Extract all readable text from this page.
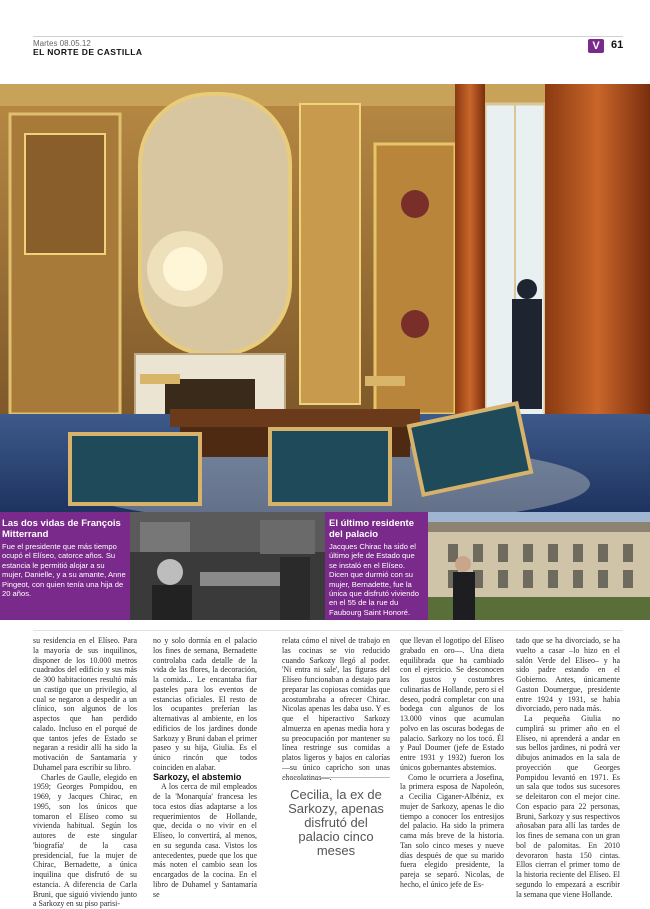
Martes 08.05.12
EL NORTE DE CASTILLA	V	61
Las dos vidas de François Mitterrand
Fue el presidente que más tiempo ocupó el Elíseo, catorce años. Su estancia le permitió alojar a su mujer, Danielle, y a su amante, Anne Pingeot, con quien tenía una hija de 20 años.
El último residente del palacio
Jacques Chirac ha sido el último jefe de Estado que se instaló en el Elíseo. Dicen que durmió con su mujer, Bernadette, fue la única que disfrutó viviendo en el 55 de la rue du Faubourg Saint Honoré.

su residencia en el Elíseo. Para la mayoría de sus inquilinos, disponer de los 10.000 metros cuadrados del edificio y sus más de 300 habitaciones resultó más un castigo que un privilegio, al cual se negaron a despedir a un clínico, son algunos de los aspectos que han perdido calado. Incluso en el porqué de que tantos jefes de Estado se negaran a residir allí ha sido la motivación de Santamaría y Duhamel para escribir su libro.

Charles de Gaulle, elegido en 1959; Georges Pompidou, en 1969, y Jacques Chirac, en 1995, son los únicos que tomaron el Elíseo como su vivienda habitual. Según los autores de este singular 'biografía' de la casa presidencial, fue la mujer de Chirac, Bernadette, a única inquilina que disfrutó de su estancia. A diferencia de Carla Bruni, que siguió viviendo junto a Sarkozy en su piso parisi-

no y solo dormía en el palacio los fines de semana, Bernadette controlaba cada detalle de la vida de las flores, la decoración, la comida... Le encantaba fiar pasteles para los eventos de estancias oficiales. El resto de los ocupantes preferían las alternativas al ambiente, en los edificios de los jardines donde Sarkozy y Bruni daban el primer paseo y su hija, Giulia. Es el único rincón que todos coinciden en alabar.

Sarkozy, el abstemio

A los cerca de mil empleados de la 'Monarquía' francesa les toca estos días adaptarse a los requerimientos de Hollande, que, decida o no vivir en el Elíseo, lo convertirá, al menos, en su segunda casa. Vistos los antecedentes, puede que los que más noten el cambio sean los encargados de la cocina. En el libro de Duhamel y Santamaría se

relata cómo el nivel de trabajo en las cocinas se vio reducido cuando Sarkozy llegó al poder. 'Ni entra ni sale', las figuras del Elíseo funcionaban a destajo para preparar las copiosas comidas que acostumbraba a ofrecer Chirac. Nicolas apenas les daba uso. Y es que el hiperactivo Sarkozy almuerza en apenas media hora y su preocupación por mantener su línea restringe sus comidas a platos ligeros y bajos en calorías —su único capricho son unas chocolatinas—.

Cecilia, la ex de Sarkozy, apenas disfrutó del palacio cinco meses

que llevan el logotipo del Elíseo grabado en oro—. Una dieta equilibrada que ha cambiado con el ejercicio. Se desconocen los gustos y costumbres culinarias de Hollande, pero si el deseo, podrá completar con una bodega con algunos de los 13.000 vinos que acumulan polvo en las oscuras bodegas de palacio. Sarkozy no los tocó. Él y Paul Doumer (jefe de Estado entre 1931 y 1932) fueron los únicos gobernantes abstemios.

Como le ocurriera a Josefina, la primera esposa de Napoleón, a Cecilia Ciganer-Albéniz, ex mujer de Sarkozy, apenas le dio tiempo a conocer los entresijos del palacio. Ha sido la primera cama más breve de la historia. Tan solo cinco meses y nueve días después de que su marido fuera elegido presidente, la pareja se separó. Nicolas, de hecho, el único jefe de Es-

tado que se ha divorciado, se ha vuelto a casar –lo hizo en el salón Verde del Elíseo– y ha sido padre estando en el Gobierno. Antes, únicamente Gaston Doumergue, presidente entre 1924 y 1931, se había divorciado, pero nada más.

La pequeña Giulia no cumplirá su primer año en el Elíseo, ni aprenderá a andar en sus bellos jardines, ni podrá ver dibujos animados en la sala de proyección que Georges Pompidou levantó en 1971. Es un sala que todos sus sucesores se deleitaron con el mejor cine. Con espacio para 22 personas, Bruni, Sarkozy y sus respectivos añosaban para allí las tardes de los fines de semana con un gran bol de palomitas. En 2010 devoraron hasta 150 cintas. Ellos cierran el primer tomo de la historia reciente del Elíseo. El segundo lo empezará a escribir la semana que viene Hollande.
